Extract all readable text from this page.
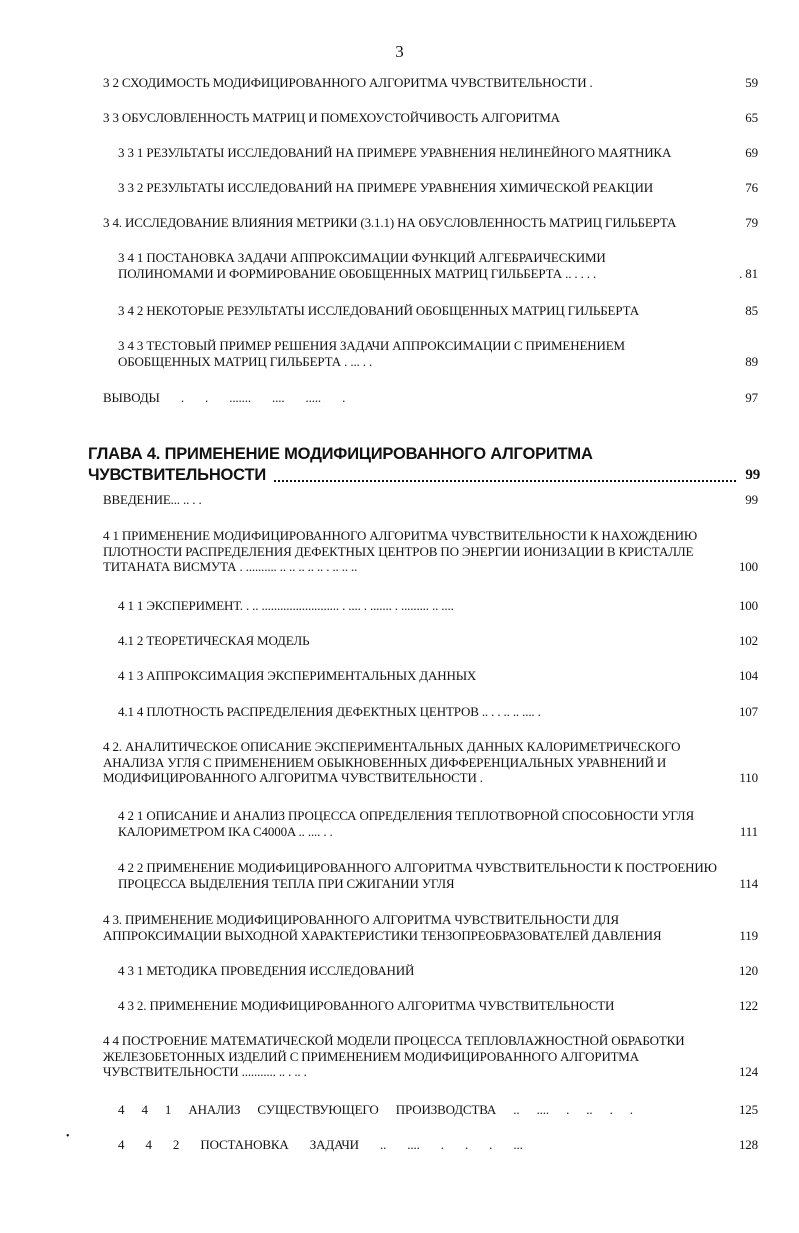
3
3 2 СХОДИМОСТЬ МОДИФИЦИРОВАННОГО АЛГОРИТМА ЧУВСТВИТЕЛЬНОСТИ .	59
3 3 ОБУСЛОВЛЕННОСТЬ МАТРИЦ И ПОМЕХОУСТОЙЧИВОСТЬ АЛГОРИТМА	65
3 3 1 РЕЗУЛЬТАТЫ ИССЛЕДОВАНИЙ НА ПРИМЕРЕ УРАВНЕНИЯ НЕЛИНЕЙНОГО МАЯТНИКА	69
3 3 2 РЕЗУЛЬТАТЫ ИССЛЕДОВАНИЙ НА ПРИМЕРЕ УРАВНЕНИЯ ХИМИЧЕСКОЙ РЕАКЦИИ	76
3 4. ИССЛЕДОВАНИЕ ВЛИЯНИЯ МЕТРИКИ (3.1.1) НА ОБУСЛОВЛЕННОСТЬ МАТРИЦ ГИЛЬБЕРТА	79
3 4 1 ПОСТАНОВКА ЗАДАЧИ АППРОКСИМАЦИИ ФУНКЦИЙ АЛГЕБРАИЧЕСКИМИ ПОЛИНОМАМИ И ФОРМИРОВАНИЕ ОБОБЩЕННЫХ МАТРИЦ ГИЛЬБЕРТА .. . . . .	. 81
3 4 2 НЕКОТОРЫЕ РЕЗУЛЬТАТЫ ИССЛЕДОВАНИЙ ОБОБЩЕННЫХ МАТРИЦ ГИЛЬБЕРТА	85
3 4 3 ТЕСТОВЫЙ ПРИМЕР РЕШЕНИЯ ЗАДАЧИ АППРОКСИМАЦИИ С ПРИМЕНЕНИЕМ ОБОБЩЕННЫХ МАТРИЦ ГИЛЬБЕРТА . ... . .	89
ВЫВОДЫ . . ....... .... ..... .	97
ГЛАВА 4. ПРИМЕНЕНИЕ МОДИФИЦИРОВАННОГО АЛГОРИТМА
ЧУВСТВИТЕЛЬНОСТИ	99
ВВЕДЕНИЕ... .. . .	99
4 1 ПРИМЕНЕНИЕ МОДИФИЦИРОВАННОГО АЛГОРИТМА ЧУВСТВИТЕЛЬНОСТИ К НАХОЖДЕНИЮ ПЛОТНОСТИ РАСПРЕДЕЛЕНИЯ ДЕФЕКТНЫХ ЦЕНТРОВ ПО ЭНЕРГИИ ИОНИЗАЦИИ В КРИСТАЛЛЕ ТИТАНАТА ВИСМУТА . .......... .. .. .. .. .. . .. .. ..	100
4 1 1 ЭКСПЕРИМЕНТ. . .. ......................... . .... . ....... . ......... .. ....	100
4.1 2 ТЕОРЕТИЧЕСКАЯ МОДЕЛЬ	102
4 1 3 АППРОКСИМАЦИЯ ЭКСПЕРИМЕНТАЛЬНЫХ ДАННЫХ	104
4.1 4 ПЛОТНОСТЬ РАСПРЕДЕЛЕНИЯ ДЕФЕКТНЫХ ЦЕНТРОВ .. . . .. .. .... .	107
4 2. АНАЛИТИЧЕСКОЕ ОПИСАНИЕ ЭКСПЕРИМЕНТАЛЬНЫХ ДАННЫХ КАЛОРИМЕТРИЧЕСКОГО АНАЛИЗА УГЛЯ С ПРИМЕНЕНИЕМ ОБЫКНОВЕННЫХ ДИФФЕРЕНЦИАЛЬНЫХ УРАВНЕНИЙ И МОДИФИЦИРОВАННОГО АЛГОРИТМА ЧУВСТВИТЕЛЬНОСТИ .	110
4 2 1 ОПИСАНИЕ И АНАЛИЗ ПРОЦЕССА ОПРЕДЕЛЕНИЯ ТЕПЛОТВОРНОЙ СПОСОБНОСТИ УГЛЯ КАЛОРИМЕТРОМ IKA C4000A .. .... . .	111
4 2 2 ПРИМЕНЕНИЕ МОДИФИЦИРОВАННОГО АЛГОРИТМА ЧУВСТВИТЕЛЬНОСТИ К ПОСТРОЕНИЮ ПРОЦЕССА ВЫДЕЛЕНИЯ ТЕПЛА ПРИ СЖИГАНИИ УГЛЯ	114
4 3. ПРИМЕНЕНИЕ МОДИФИЦИРОВАННОГО АЛГОРИТМА ЧУВСТВИТЕЛЬНОСТИ ДЛЯ АППРОКСИМАЦИИ ВЫХОДНОЙ ХАРАКТЕРИСТИКИ ТЕНЗОПРЕОБРАЗОВАТЕЛЕЙ ДАВЛЕНИЯ	119
4 3 1 МЕТОДИКА ПРОВЕДЕНИЯ ИССЛЕДОВАНИЙ	120
4 3 2. ПРИМЕНЕНИЕ МОДИФИЦИРОВАННОГО АЛГОРИТМА ЧУВСТВИТЕЛЬНОСТИ	122
4 4 ПОСТРОЕНИЕ МАТЕМАТИЧЕСКОЙ МОДЕЛИ ПРОЦЕССА ТЕПЛОВЛАЖНОСТНОЙ ОБРАБОТКИ ЖЕЛЕЗОБЕТОННЫХ ИЗДЕЛИЙ С ПРИМЕНЕНИЕМ МОДИФИЦИРОВАННОГО АЛГОРИТМА ЧУВСТВИТЕЛЬНОСТИ ........... .. . .. .	124
4 4 1 АНАЛИЗ СУЩЕСТВУЮЩЕГО ПРОИЗВОДСТВА .. .... . .. . .	125
4 4 2 ПОСТАНОВКА ЗАДАЧИ .. .... . . . ...	128
•
